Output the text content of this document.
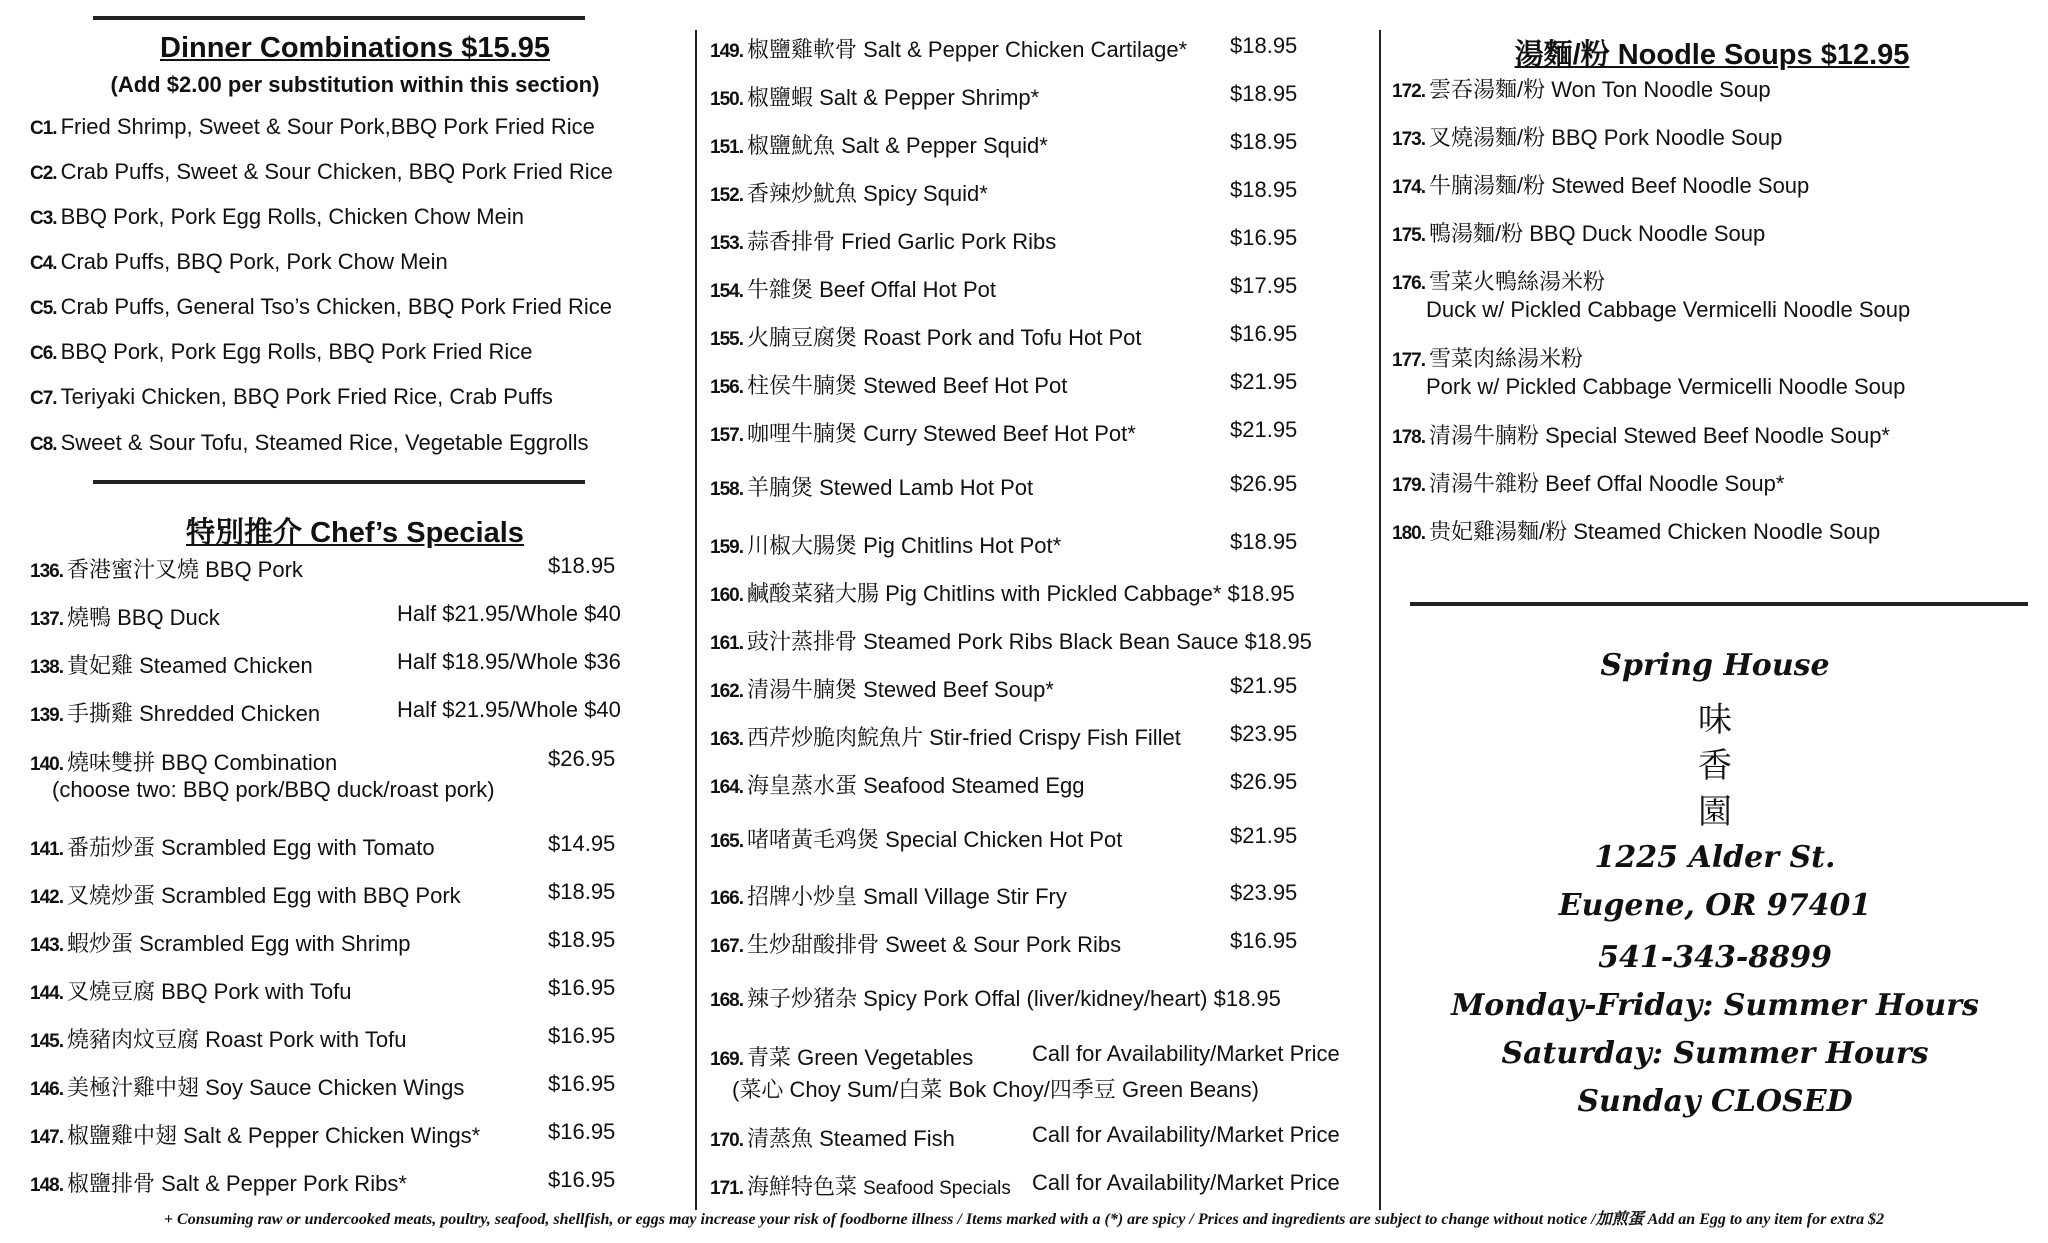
Dinner Combinations $15.95
(Add $2.00 per substitution within this section)
C1. Fried Shrimp, Sweet & Sour Pork,BBQ Pork Fried Rice
C2. Crab Puffs, Sweet & Sour Chicken, BBQ Pork Fried Rice
C3. BBQ Pork, Pork Egg Rolls, Chicken Chow Mein
C4. Crab Puffs, BBQ Pork, Pork Chow Mein
C5. Crab Puffs, General Tso’s Chicken, BBQ Pork Fried Rice
C6. BBQ Pork, Pork Egg Rolls, BBQ Pork Fried Rice
C7. Teriyaki Chicken, BBQ Pork Fried Rice, Crab Puffs
C8. Sweet & Sour Tofu, Steamed Rice, Vegetable Eggrolls
特別推介 Chef’s Specials
136. 香港蜜汁叉燒 BBQ Pork	$18.95
137. 燒鴨 BBQ Duck	Half $21.95/Whole $40
138. 貴妃雞 Steamed Chicken	Half $18.95/Whole $36
139. 手撕雞 Shredded Chicken	Half $21.95/Whole $40
140. 燒味雙拼 BBQ Combination	$26.95
(choose two: BBQ pork/BBQ duck/roast pork)
141. 番茄炒蛋 Scrambled Egg with Tomato	$14.95
142. 叉燒炒蛋 Scrambled Egg with BBQ Pork	$18.95
143. 蝦炒蛋 Scrambled Egg with Shrimp	$18.95
144. 叉燒豆腐 BBQ Pork with Tofu	$16.95
145. 燒豬肉炆豆腐 Roast Pork with Tofu	$16.95
146. 美極汁雞中翅 Soy Sauce Chicken Wings	$16.95
147. 椒鹽雞中翅 Salt & Pepper Chicken Wings*	$16.95
148. 椒鹽排骨 Salt & Pepper Pork Ribs*	$16.95
149. 椒鹽雞軟骨 Salt & Pepper Chicken Cartilage* $18.95
150. 椒鹽蝦 Salt & Pepper Shrimp*	$18.95
151. 椒鹽魷魚 Salt & Pepper Squid*	$18.95
152. 香辣炒魷魚 Spicy Squid*	$18.95
153. 蒜香排骨 Fried Garlic Pork Ribs	$16.95
154. 牛雜煲 Beef Offal Hot Pot	$17.95
155. 火腩豆腐煲 Roast Pork and Tofu Hot Pot	$16.95
156. 柱侯牛腩煲 Stewed Beef Hot Pot	$21.95
157. 咖哩牛腩煲 Curry Stewed Beef Hot Pot*	$21.95
158. 羊腩煲 Stewed Lamb Hot Pot	$26.95
159. 川椒大腸煲 Pig Chitlins Hot Pot*	$18.95
160. 鹹酸菜豬大腸 Pig Chitlins with Pickled Cabbage* $18.95
161. 豉汁蒸排骨 Steamed Pork Ribs Black Bean Sauce $18.95
162. 清湯牛腩煲 Stewed Beef Soup*	$21.95
163. 西芹炒脆肉鯇魚片 Stir-fried Crispy Fish Fillet $23.95
164. 海皇蒸水蛋 Seafood Steamed Egg	$26.95
165. 啫啫黃毛鸡煲 Special Chicken Hot Pot	$21.95
166. 招牌小炒皇 Small Village Stir Fry	$23.95
167. 生炒甜酸排骨 Sweet & Sour Pork Ribs	$16.95
168. 辣子炒猪杂 Spicy Pork Offal (liver/kidney/heart) $18.95
169. 青菜 Green Vegetables	Call for Availability/Market Price
(菜心 Choy Sum/白菜 Bok Choy/四季豆 Green Beans)
170. 清蒸魚 Steamed Fish	Call for Availability/Market Price
171. 海鮮特色菜 Seafood Specials Call for Availability/Market Price
湯麵/粉 Noodle Soups $12.95
172. 雲吞湯麵/粉 Won Ton Noodle Soup
173. 叉燒湯麵/粉 BBQ Pork Noodle Soup
174. 牛腩湯麵/粉 Stewed Beef Noodle Soup
175. 鴨湯麵/粉 BBQ Duck Noodle Soup
176. 雪菜火鴨絲湯米粉
Duck w/ Pickled Cabbage Vermicelli Noodle Soup
177. 雪菜肉絲湯米粉
Pork w/ Pickled Cabbage Vermicelli Noodle Soup
178. 清湯牛腩粉 Special Stewed Beef Noodle Soup*
179. 清湯牛雜粉 Beef Offal Noodle Soup*
180. 贵妃雞湯麵/粉 Steamed Chicken Noodle Soup
Spring House
味
香
園
1225 Alder St.
Eugene, OR 97401
541-343-8899
Monday-Friday: Summer Hours
Saturday: Summer Hours
Sunday CLOSED
+ Consuming raw or undercooked meats, poultry, seafood, shellfish, or eggs may increase your risk of foodborne illness / Items marked with a (*) are spicy / Prices and ingredients are subject to change without notice /加煎蛋 Add an Egg to any item for extra $2
